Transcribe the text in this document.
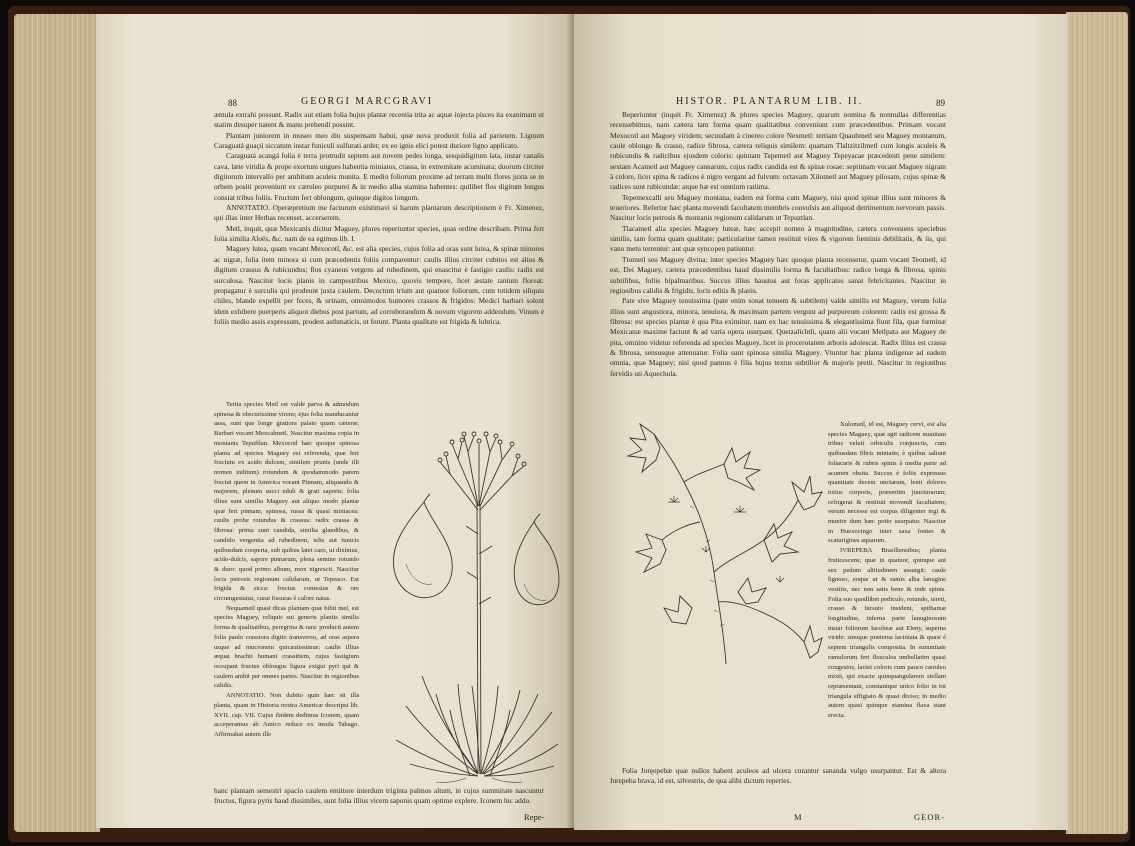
88	GEORGI MARCGRAVI

æmula extrahi possunt. Radix aut etiam folia hujus plantæ recentia trita ac aquæ injecta pisces ita exanimant ut statim desuper natent & manu prehendi possint.

Plantam juniorem in museo meo diu suspensam habui, quæ nova produxit folia ad parietem. Lignum Caraguatá guaçú siccatum instar funiculi sulfurati ardet; ex eo ignis elici potest duriore ligno applicato.

Caraguatá acangá folia è terra protrudit septem aut novem pedes longa, sesquidigitum lata, instar canalis cava, læte viridia & prope exortum ungues habentia miniatos, crassa, in extremitate acuminata; duorum circiter digitorum intervallo per ambitum aculeis munita. E medio foliorum proxime ad terram multi flores juxta se in orbem positi proveniunt ex cæruleo purpurei & in medio alba stamina habentes: quilibet flos digitum longus constat tribus foliis. Fructum fert oblongum, quinque digitos longum.

ANNOTATIO. Operæpretium me facturum existimavi si harum plantarum descriptionem è Fr. Ximenez, qui illas inter Herbas recenset, accerserem.

Metl, inquit, quæ Mexicanis dicitur Maguey, plures reperiuntur species, quas ordine describam. Prima fert folia similia Aloës, &c. nam de ea egimus lib. I.

Maguey lutea, quam vocant Mexocotl, &c. est alia species, cujus folia ad oras sunt lutea, & spinæ minores ac nigræ, folia item minora si cum præcedentis foliis comparentur: caulis illius circiter cubitos est altus & digitum crassus & rubicundus; flos cyaneus vergens ad rubedinem, qui enascitur è fastigio caulis: radix est surculosa. Nascitur locis planis in campestribus Mexico, quovis tempore, licet æstate tantum floreat: propagatur è surculis qui prodeunt juxta caulem. Decoctum trium aut quatuor foliorum, cum totidem siliquis chiles, blande expellit per feces, & urinam, omnimodos humores crassos & frigidos: Medici barbari solent idem exhibere puerperis aliquot diebus post partum, ad corroborandum & novum vigorem addendum. Vinum è foliis medio assis expressum, prodest asthmaticis, ut ferunt. Planta qualitate est frigida & lubrica.

Tertia species Metl est valde parva & admodum spinosa & obscurissime virens; ejus folia manducantur assa, sunt que longe gratiora palato quam cæteræ; Barbari vocant Mexcalmetl. Nascitur maxima copia in montanis Tepuftlan. Mexocotl hæc quoque spinosa planta ad species Maguey est referenda, quæ fert fructum ex acido dulcem, similem prunis (unde illi nomen inditum) rotundum & quodammodo parem fructui quem in America vocant Pinnam, aliquando & majorem, plenum succi eduli & grati saporis: folia illius sunt similia Maguey aut aliquo modo plantæ quæ fert pinnam, spinosa, russa & quasi miniacea: caulis probe rotundus & crassus: radix crassa & fibrosa: prima sunt candida, similia glandibus, & candido vergentia ad rubedinem, telis aut tunicis quibusdam cooperta, sub quibus latet caro, ut diximus, acido-dulcis, sapore pinnarum, plena semine rotundo & duro: quod primo album, mox nigrescit. Nascitur locis petrosis regionum calidarum, ut Tepeaco. Est frigida & sicca: fructus comestus & ore circumgestatus, curat fissuras è calore natas.

Nequametl quasi dicas plantam quæ bibit mel, est species Maguey, reliquis sui generis plantis similis forma & qualitatibus, peregrina & rara: producit autem folia paulo crassiora digito transverso, ad oras aspera usque ad mucronem quicautissimus: caulis illius æquat brachii humani crassitiem, cujus fastigium occupant fructus oblongus figura exigui pyri qui & caulem ambit per omnes partes. Nascitur in regionibus calidis.

ANNOTATIO. Non dubito quin hæc sit illa planta, quam in Historia nostra Americæ descripsi lib. XVII. cap. VII. Cujus ibidem dedimus Iconem, quam acceperamus ab Amico reduce ex insula Tabago. Affirmabat autem ille

hanc plantam semestri spacio caulem emittere interdum triginta palmos altum, in cujus summitate nascuntur fructus, figura pyris haud dissimiles, sunt folia illius vicem saponis quam optime explere. Iconem hic addo.

Repe-
HISTOR. PLANTARUM LIB. II.	89

Reperiuntur (inquit Fr. Ximenez) & plures species Maguey, quarum nomina & nonnullas differentias recensebimus, nam cætera tam forma quam qualitatibus conveniunt cum præcedentibus. Primam vocant Mexocotl aut Maguey viridem; secundam à cinereo colore Nexmetl: tertiam Quauhmetl seu Maguey montanum, caule oblongo & crasso, radice fibrosa, cætera reliquis similem: quartam Tlaltzitzilmetl cum longis aculeis & rubicundis & radicibus ejusdem coloris: quintam Tepemetl aut Maguey Tepeyacae præcedenti pene similem: sextam Acametl aut Maguey cannarum, cujus radix candida est & spinæ rosae: septimam vocant Maguey nigram à colore, licet spina & radices è nigro vergant ad fulvum: octavam Xilometl aut Maguey pilosam, cujus spinæ & radices sunt rubicundæ: atque hæ est omnium ratiima.

Tepemexcalli seu Maguey montana, eadem est forma cum Maguey, nisi quod spinæ illius sunt minores & teneriores. Refertur hæc planta movendi facultatem membris convulsis aut aliquod detrimentum nervorum passis. Nascitur locis petrosis & montanis regionum calidarum ut Tepuztlan.

Tlacametl alia species Maguey luteæ, hæc accepit nomen à magnitudine, cætera conveniens speciebus similis, tam forma quam qualitate; particulariter tamen restituit vires & vigorem fœminis debilitatis, & iis, qui vano metu terrentur: aut quæ syncopen patiuntur.

Ttometl seu Maguey divina; inter species Maguey hæc quoque planta recensetur, quam vocant Teometl, id est, Dei Maguey, cætera præcedentibus haud dissimilis forma & facultatibus: radice longa & fibrosa, spinis subtilibus, foliis bipalmaribus. Succus illius haustus aut foras applicatus sanat febricitantes. Nascitur in regionibus calidis & frigidis, locis editis & planis.

Pate sive Maguey tenuissima (pate enim sonat tenuem & subtilem) valde similis est Maguey, verum folia illius sunt angustiora, minora, tenuiora, & maximam partem vergunt ad purpureum colorem: radix est grossa & fibrosa: est species plantæ è qua Pita eximitur, nam ex hac tenuissima & elegantissima fiunt fila, quæ fœminæ Mexicanæ maxime faciunt & ad varia opera usurpant. Quetzalichtli, quam alii vocant Metlpata aut Maguey de pita, omnino videtur referenda ad species Maguey, licet in procerotatem arboris adolescat. Radix illius est crassa & fibrosa, sensusque attenuatur. Folia sunt spinosa similia Maguey. Vtuntur hac planta indigenæ ad eadem omnia, quæ Maguey; nisi quod pannus è filis hujus textus subtilior & majoris pretii. Nascitur in regionibus fervidis uti Aquechula.

Xulometl, id est, Maguey cervi, est alia species Maguey, quæ agit radicem munitam tribus veluti orbiculis conjunctis, cum quibusdam fibris miniatis; è quibus saliunt foliacaris & rubris spinis à media parte ad acumen obsita. Succus è foliis expressus quantitate decem unciarum, lenit dolores totius corporis, præsertim juncturarum; refrigerat & restituit movendi facultatem; verum necesse est corpus diligenter tegi & munire dum hæc potio usurpatur. Nascitur in Huexocingo inter saxa fontes & scaturigines aquarum.

IVREPEBA Brasiliensibus; planta fruticescens; quæ in quatuor, quinque aut sex pedum altitudinem assurgit; caule lignoso, eoque ut & ramis alba lanugine vestitis, nec non satis bene & inde spinis. Folia suo quodlibet pediculo, rotundo, tereti, crasso & hirsuto insident, spithamæ longitudine, inferna parte lanuginosum instar foliorum Iacobeæ aut Eleny, superna viride: sinuque præterea laciniata & quasi è septem triangulis composita. In summitate ramulorum fert flosculos umbellatim quasi congestos, lactei coloris cum pauco cæruleo mixti, qui exacte quinquangularem stellam repræsentant, constantque unico folio in tot triangula effigiato & quasi diviso; in medio autem quasi quinque stamina flava stant erecta.

Folia Juręepebæ quæ nullos habent aculeos ad ulcera curantur sananda vulgo usurpantur. Est & altera Iurepeba brava, id est, silvestris, de qua alibi dictum reperies.

M	GEOR-
